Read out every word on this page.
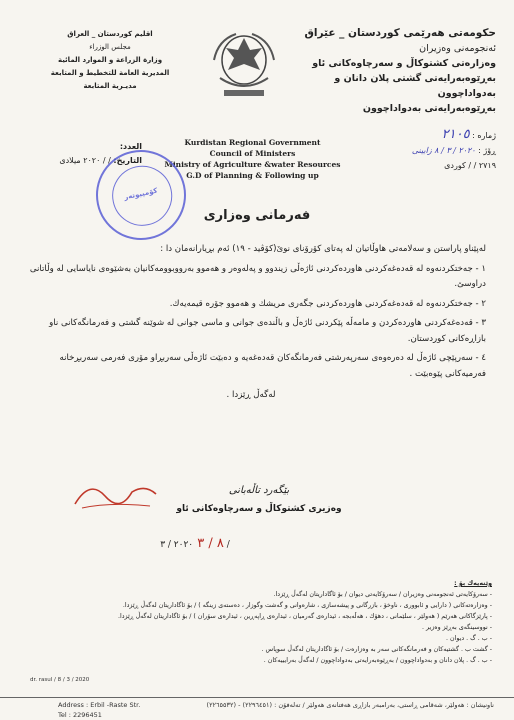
حكومەتی هەرێمی كوردستان _ عێراق
ئەنجومەنی وەزیران
وەزارەتی كشتوكاڵ و سەرچاوەكانی ئاو
بەڕێوەبەرایەتی گشتی پلان دانان و بەدواداچوون
بەڕێوەبەرایەتی بەدواداچوون
اقليم كوردستان _ العراق
مجلس الوزراء
وزارة الزراعة و الموارد المائية
المديرية العامة للتخطيط و المتابعة
مديـرية المتابعة
Kurdistan Regional Government
Council of Ministers
Ministry of Agriculture &water Resources
G.D of Planning & Following up
ژمارە : ٢١٠٥
ڕۆژ : ٢٠٢٠ / ٣ / ٨ زایینی
٢٧١٩ / / كوردی
العدد:
التاريخ: / / ٢٠٢٠ ميلادی
کۆمپیوتەر
فەرمانی وەزاری

لەپێناو پاراستن و سەلامەتی هاوڵاتیان لە پەتای كۆرۆنای نوێ(كۆڤید - ١٩) ئەم بڕیارانەمان دا :

١ - جەختكردنەوە لە قەدەغەكردنی هاوردەكردنی ئاژەڵی زیندوو و پەلەوەر و هەموو بەرووبوومەكانیان بەشێوەی نایاسایی لە وڵاتانی دراوسێ.

٢ - جەختكردنەوە لە قەدەغەكردنی هاوردەكردنی جگەری مریشك و هەموو جۆرە قیمەیەك.

٣ - قەدەغەكردنی هاوردەكردن و مامەڵە پێكردنی ئاژەڵ و باڵندەی جوانی و ماسی جوانی لە شوێنە گشتی و فەرمانگەكانی ناو بازاڕەكانی كوردستان.

٤ - سەرپێچی ئاژەڵ لە دەرەوەی سەرپەرشتی فەرمانگەكان قەدەغەیە و دەبێت ئاژەڵی سەربڕاو مۆری فەرمی سەربڕخانە فەرمیەكانی پێوەبێت .

لەگەڵ ڕێزدا .

بێگەرد تاڵەبانی
وەزیری كشتوكاڵ و سەرچاوەكانی ئاو
٨ / ٣ ٢٠٢٠ / ٣ /
وێنەیەك بۆ :
- سەرۆكایەتی ئەنجومەنی وەزیران / سەرۆكایەتی دیوان / بۆ ئاگاداریتان لەگەڵ ڕێزدا.
- وەزارەتەكانی ( دارایی و ئابووری ، ناوخۆ ، بازرگانی و پیشەسازی ، شارەوانی و گەشت وگوزار ، دەستەی زینگە ) / بۆ ئاگاداریتان لەگەڵ ڕێزدا.
- پارێزگاكانی هەرێم ( هەولێر ، سلێمانی ، دهۆك ، هەڵەبجە ، ئیدارەی گەرمیان ، ئیدارەی ڕاپەڕین ، ئیدارەی سۆران ) / بۆ ئاگاداریتان لەگەڵ ڕێزدا.
- نووسینگەی بەڕێز وەزیر .
- ب . گ . دیوان .
- گشت ب . گشتیەكان و فەرمانگەكانی سەر بە وەزارەت / بۆ ئاگاداریتان لەگەڵ سوپاس .
- ب . گ . پلان دانان و بەدواداچوون / بەڕێوەبەرایەتی بەدواداچوون / لەگەڵ بەرایییەكان .
dr. rasul / 8 / 3 / 2020
Address : Erbil -Raste Str.
Tel : 2296451
ناونیشان : هەولێر، شەقامی ڕاستی، بەرامبەر بازاڕی هەفتانەی هەولێر / تەلەفۆن : (٢٢٩٦٤٥١) - (٢٢٦٥٥٣٢)
